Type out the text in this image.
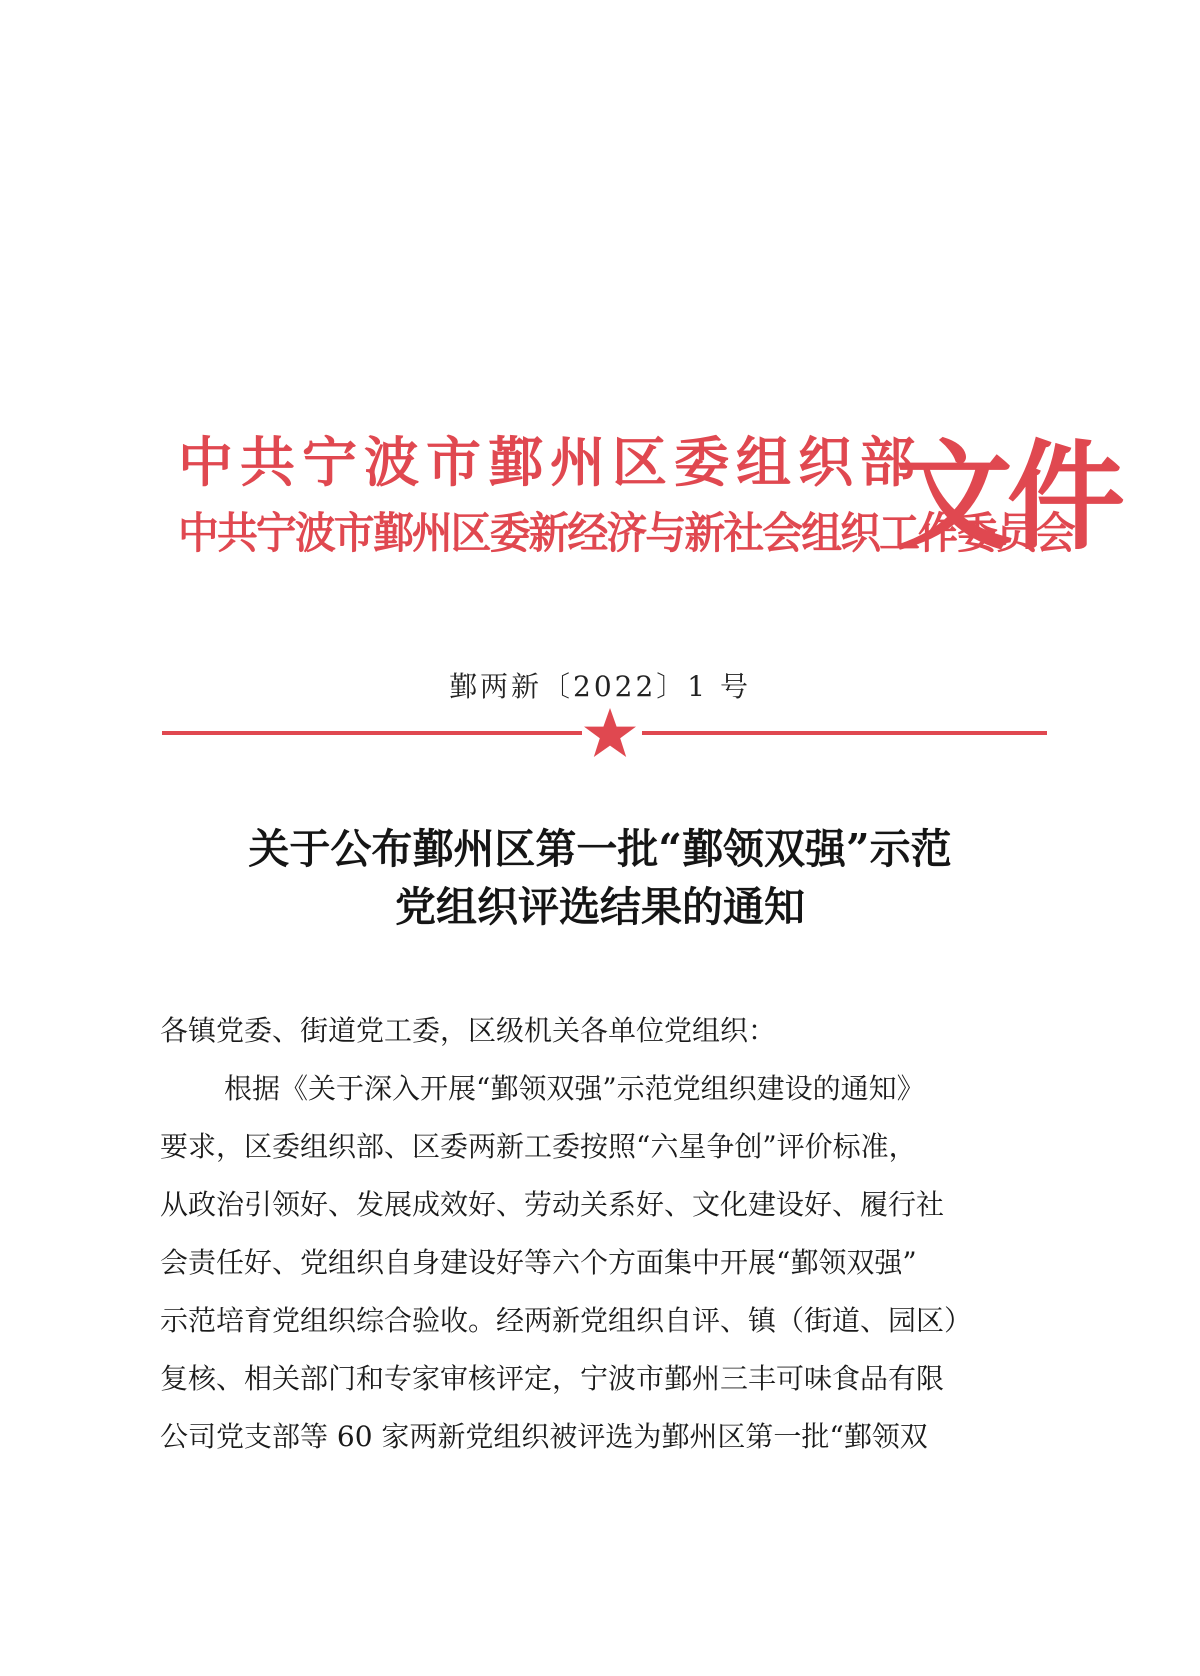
中共宁波市鄞州区委组织部
中共宁波市鄞州区委新经济与新社会组织工作委员会
文件
鄞两新〔2022〕1 号
关于公布鄞州区第一批“鄞领双强”示范
党组织评选结果的通知

各镇党委、街道党工委，区级机关各单位党组织：

根据《关于深入开展“鄞领双强”示范党组织建设的通知》

要求，区委组织部、区委两新工委按照“六星争创”评价标准，

从政治引领好、发展成效好、劳动关系好、文化建设好、履行社

会责任好、党组织自身建设好等六个方面集中开展“鄞领双强”

示范培育党组织综合验收。经两新党组织自评、镇（街道、园区）

复核、相关部门和专家审核评定，宁波市鄞州三丰可味食品有限

公司党支部等 60 家两新党组织被评选为鄞州区第一批“鄞领双
